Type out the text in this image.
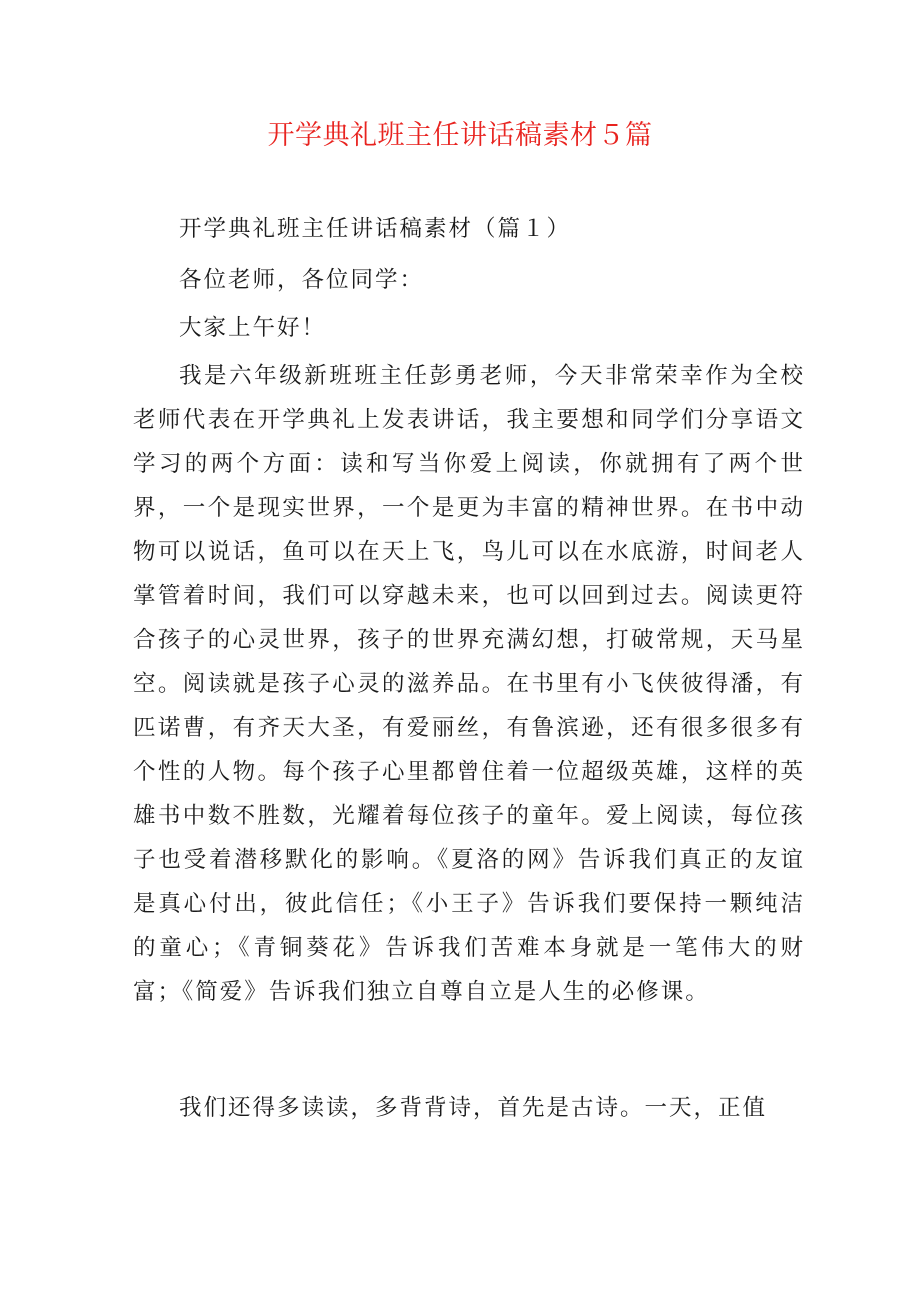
开学典礼班主任讲话稿素材５篇

开学典礼班主任讲话稿素材（篇１）

各位老师，各位同学：

大家上午好！

我是六年级新班班主任彭勇老师，今天非常荣幸作为全校老师代表在开学典礼上发表讲话，我主要想和同学们分享语文学习的两个方面：读和写当你爱上阅读，你就拥有了两个世界，一个是现实世界，一个是更为丰富的精神世界。在书中动物可以说话，鱼可以在天上飞，鸟儿可以在水底游，时间老人掌管着时间，我们可以穿越未来，也可以回到过去。阅读更符合孩子的心灵世界，孩子的世界充满幻想，打破常规，天马星空。阅读就是孩子心灵的滋养品。在书里有小飞侠彼得潘，有匹诺曹，有齐天大圣，有爱丽丝，有鲁滨逊，还有很多很多有个性的人物。每个孩子心里都曾住着一位超级英雄，这样的英雄书中数不胜数，光耀着每位孩子的童年。爱上阅读，每位孩子也受着潜移默化的影响。《夏洛的网》告诉我们真正的友谊是真心付出，彼此信任；《小王子》告诉我们要保持一颗纯洁的童心；《青铜葵花》告诉我们苦难本身就是一笔伟大的财富；《简爱》告诉我们独立自尊自立是人生的必修课。

我们还得多读读，多背背诗，首先是古诗。一天，正值
